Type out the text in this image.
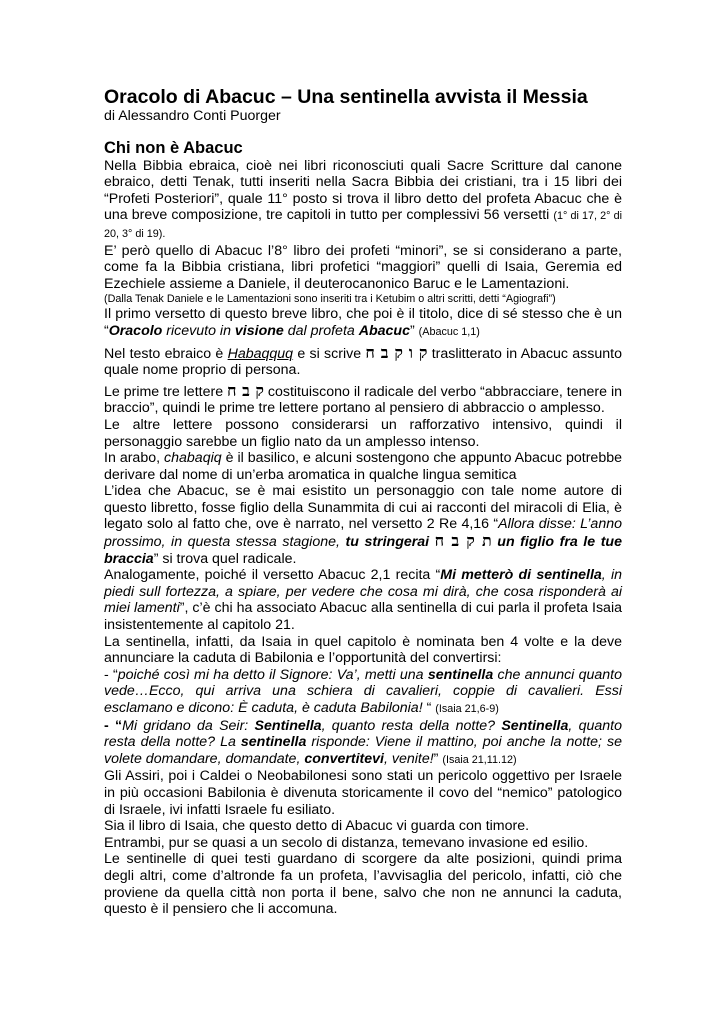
Oracolo di Abacuc – Una sentinella avvista il Messia
di Alessandro Conti Puorger
Chi non è Abacuc

Nella Bibbia ebraica, cioè nei libri riconosciuti quali Sacre Scritture dal canone ebraico, detti Tenak, tutti inseriti nella Sacra Bibbia dei cristiani, tra i 15 libri dei “Profeti Posteriori”, quale 11° posto si trova il libro detto del profeta Abacuc che è una breve composizione, tre capitoli in tutto per complessivi 56 versetti (1° di 17, 2° di 20, 3° di 19).

E’ però quello di Abacuc l’8° libro dei profeti “minori”, se si considerano a parte, come fa la Bibbia cristiana, libri profetici “maggiori” quelli di Isaia, Geremia ed Ezechiele assieme a Daniele, il deuterocanonico Baruc e le Lamentazioni.

(Dalla Tenak Daniele e le Lamentazioni sono inseriti tra i Ketubim o altri scritti, detti “Agiografi”)

Il primo versetto di questo breve libro, che poi è il titolo, dice di sé stesso che è un “Oracolo ricevuto in visione dal profeta Abacuc” (Abacuc 1,1)

Nel testo ebraico è Habaqquq e si scrive ק ו ק ב ח traslitterato in Abacuc assunto quale nome proprio di persona.

Le prime tre lettere ק ב ח costituiscono il radicale del verbo “abbracciare, tenere in braccio”, quindi le prime tre lettere portano al pensiero di abbraccio o amplesso.

Le altre lettere possono considerarsi un rafforzativo intensivo, quindi il personaggio sarebbe un figlio nato da un amplesso intenso.

In arabo, chabaqiq è il basilico, e alcuni sostengono che appunto Abacuc potrebbe derivare dal nome di un’erba aromatica in qualche lingua semitica

L’idea che Abacuc, se è mai esistito un personaggio con tale nome autore di questo libretto, fosse figlio della Sunammita di cui ai racconti del miracoli di Elia, è legato solo al fatto che, ove è narrato, nel versetto 2 Re 4,16 “Allora disse: L’anno prossimo, in questa stessa stagione, tu stringerai ת ק ב ח un figlio fra le tue braccia” si trova quel radicale.

Analogamente, poiché il versetto Abacuc 2,1 recita “Mi metterò di sentinella, in piedi sull fortezza, a spiare, per vedere che cosa mi dirà, che cosa risponderà ai miei lamenti”, c’è chi ha associato Abacuc alla sentinella di cui parla il profeta Isaia insistentemente al capitolo 21.

La sentinella, infatti, da Isaia in quel capitolo è nominata ben 4 volte e la deve annunciare la caduta di Babilonia e l’opportunità del convertirsi:

- “poiché così mi ha detto il Signore: Va’, metti una sentinella che annunci quanto vede…Ecco, qui arriva una schiera di cavalieri, coppie di cavalieri. Essi esclamano e dicono: È caduta, è caduta Babilonia! “ (Isaia 21,6-9)

- “Mi gridano da Seir: Sentinella, quanto resta della notte? Sentinella, quanto resta della notte? La sentinella risponde: Viene il mattino, poi anche la notte; se volete domandare, domandate, convertitevi, venite!” (Isaia 21,11.12)

Gli Assiri, poi i Caldei o Neobabilonesi sono stati un pericolo oggettivo per Israele in più occasioni Babilonia è divenuta storicamente il covo del “nemico” patologico di Israele, ivi infatti Israele fu esiliato.

Sia il libro di Isaia, che questo detto di Abacuc vi guarda con timore.

Entrambi, pur se quasi a un secolo di distanza, temevano invasione ed esilio.

Le sentinelle di quei testi guardano di scorgere da alte posizioni, quindi prima degli altri, come d’altronde fa un profeta, l’avvisaglia del pericolo, infatti, ciò che proviene da quella città non porta il bene, salvo che non ne annunci la caduta, questo è il pensiero che li accomuna.
